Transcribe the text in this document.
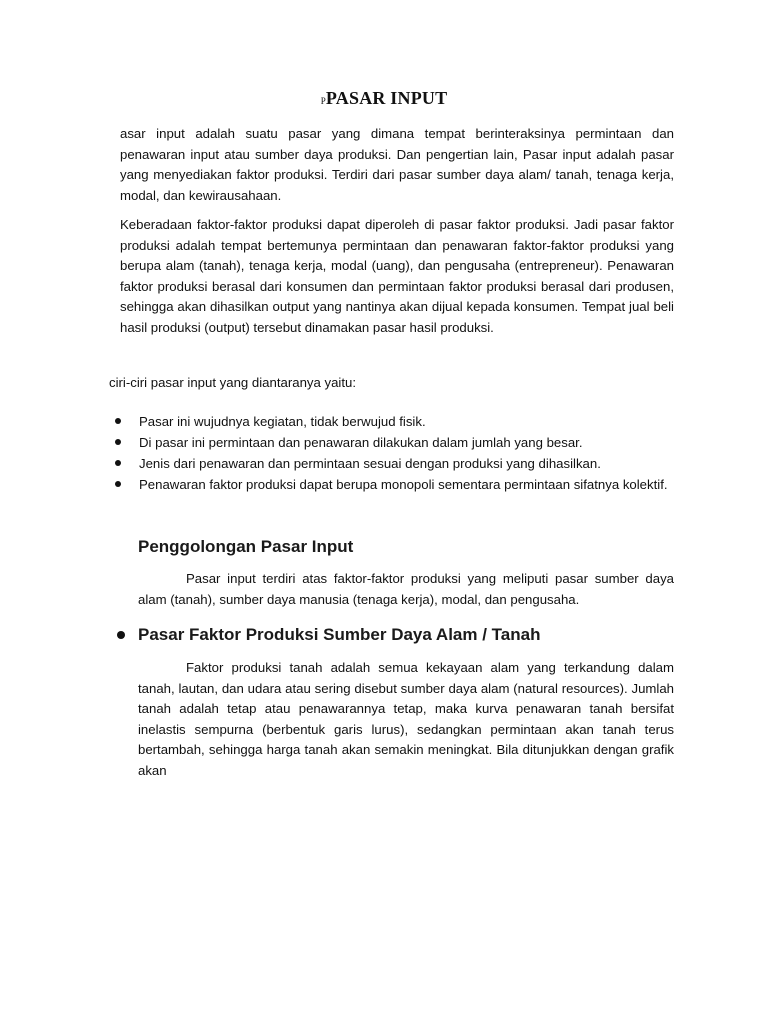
PPASAR INPUT

asar input adalah suatu pasar yang dimana tempat berinteraksinya permintaan dan penawaran input atau sumber daya produksi. Dan pengertian lain, Pasar input adalah pasar yang menyediakan faktor produksi. Terdiri dari pasar sumber daya alam/ tanah, tenaga kerja, modal, dan kewirausahaan.

Keberadaan faktor-faktor produksi dapat diperoleh di pasar faktor produksi. Jadi pasar faktor produksi adalah tempat bertemunya permintaan dan penawaran faktor-faktor produksi yang berupa alam (tanah), tenaga kerja, modal (uang), dan pengusaha (entrepreneur). Penawaran faktor produksi berasal dari konsumen dan permintaan faktor produksi berasal dari produsen, sehingga akan dihasilkan output yang nantinya akan dijual kepada konsumen. Tempat jual beli hasil produksi (output) tersebut dinamakan pasar hasil produksi.

ciri-ciri pasar input yang diantaranya yaitu:

Pasar ini wujudnya kegiatan, tidak berwujud fisik.
Di pasar ini permintaan dan penawaran dilakukan dalam jumlah yang besar.
Jenis dari penawaran dan permintaan sesuai dengan produksi yang dihasilkan.
Penawaran faktor produksi dapat berupa monopoli sementara permintaan sifatnya kolektif.
Penggolongan Pasar Input

Pasar input terdiri atas faktor-faktor produksi yang meliputi pasar sumber daya alam (tanah), sumber daya manusia (tenaga kerja), modal, dan pengusaha.

Pasar Faktor Produksi Sumber Daya Alam / Tanah

Faktor produksi tanah adalah semua kekayaan alam yang terkandung dalam tanah, lautan, dan udara atau sering disebut sumber daya alam (natural resources). Jumlah tanah adalah tetap atau penawarannya tetap, maka kurva penawaran tanah bersifat inelastis sempurna (berbentuk garis lurus), sedangkan permintaan akan tanah terus bertambah, sehingga harga tanah akan semakin meningkat. Bila ditunjukkan dengan grafik akan
